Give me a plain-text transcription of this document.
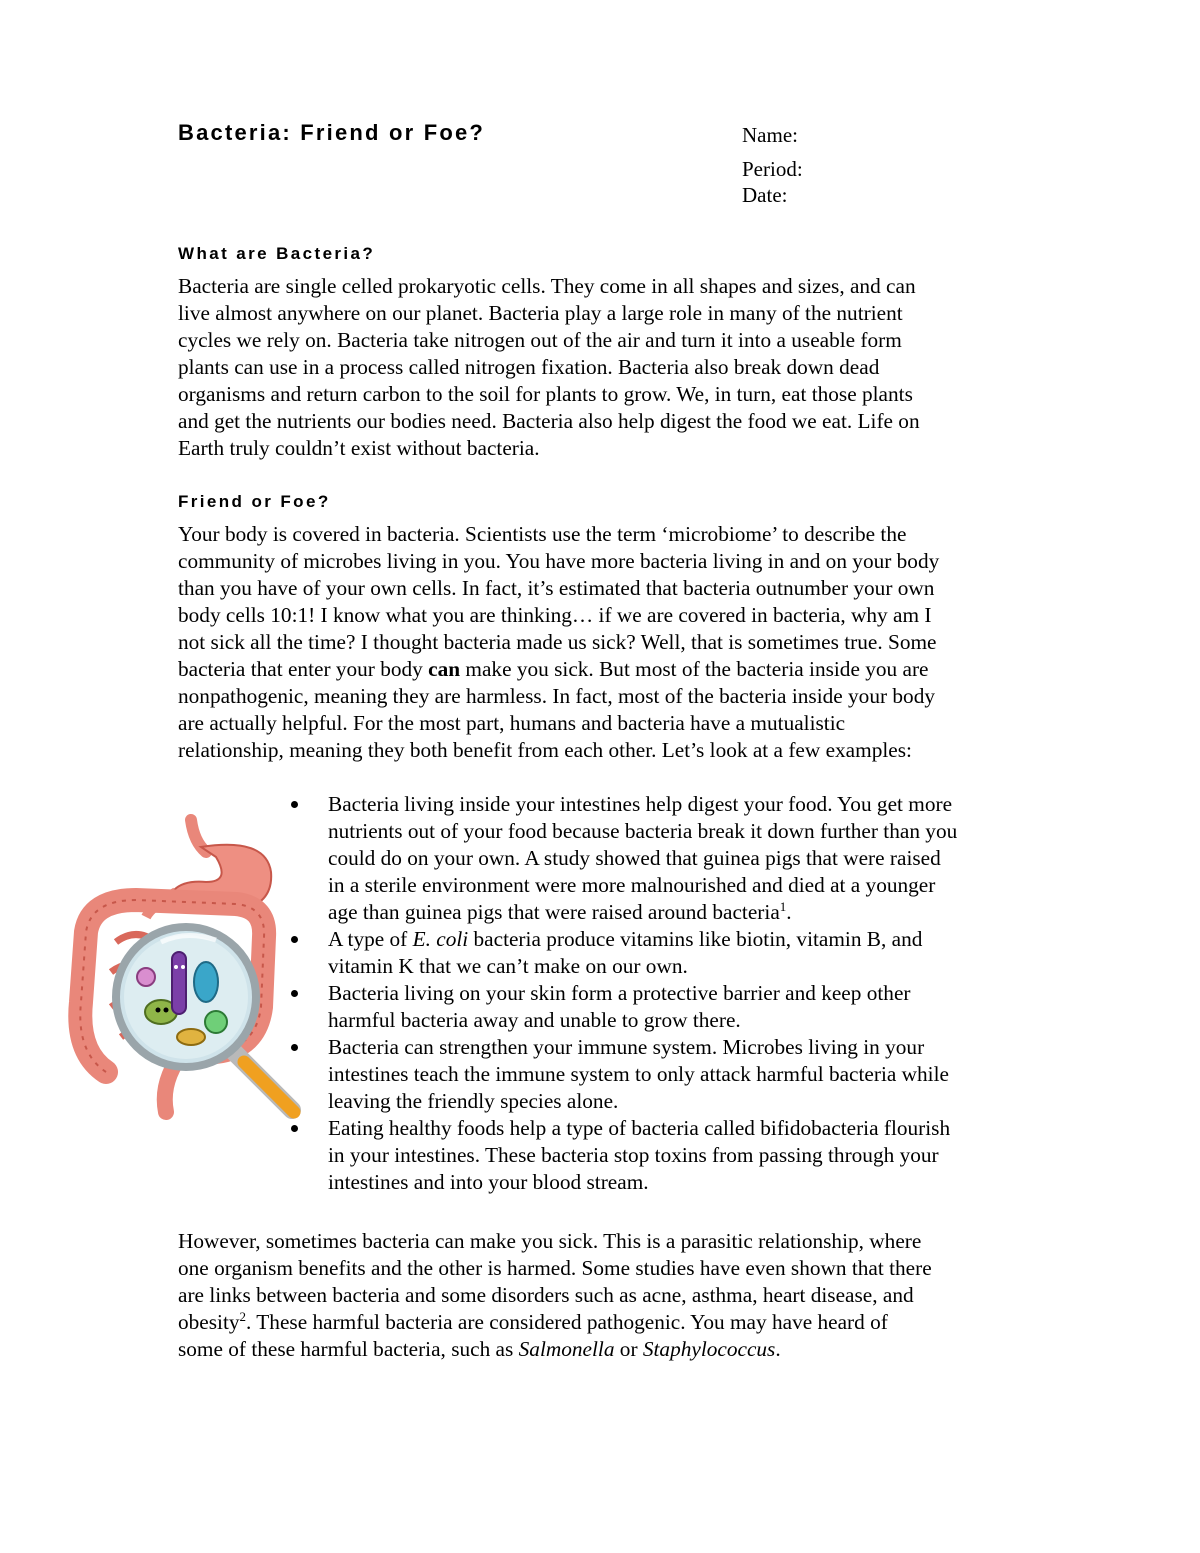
Bacteria: Friend or Foe?	Name:
Period:
Date:
What are Bacteria?

Bacteria are single celled prokaryotic cells. They come in all shapes and sizes, and can
live almost anywhere on our planet. Bacteria play a large role in many of the nutrient
cycles we rely on. Bacteria take nitrogen out of the air and turn it into a useable form
plants can use in a process called nitrogen fixation. Bacteria also break down dead
organisms and return carbon to the soil for plants to grow. We, in turn, eat those plants
and get the nutrients our bodies need. Bacteria also help digest the food we eat. Life on
Earth truly couldn’t exist without bacteria.

Friend or Foe?

Your body is covered in bacteria. Scientists use the term ‘microbiome’ to describe the
community of microbes living in you. You have more bacteria living in and on your body
than you have of your own cells. In fact, it’s estimated that bacteria outnumber your own
body cells 10:1! I know what you are thinking… if we are covered in bacteria, why am I
not sick all the time? I thought bacteria made us sick? Well, that is sometimes true. Some
bacteria that enter your body can make you sick. But most of the bacteria inside you are
nonpathogenic, meaning they are harmless. In fact, most of the bacteria inside your body
are actually helpful. For the most part, humans and bacteria have a mutualistic
relationship, meaning they both benefit from each other. Let’s look at a few examples:

Bacteria living inside your intestines help digest your food. You get more
nutrients out of your food because bacteria break it down further than you
could do on your own. A study showed that guinea pigs that were raised
in a sterile environment were more malnourished and died at a younger
age than guinea pigs that were raised around bacteria$^1$.
A type of E. coli bacteria produce vitamins like biotin, vitamin B, and
vitamin K that we can’t make on our own.
Bacteria living on your skin form a protective barrier and keep other
harmful bacteria away and unable to grow there.
Bacteria can strengthen your immune system. Microbes living in your
intestines teach the immune system to only attack harmful bacteria while
leaving the friendly species alone.
Eating healthy foods help a type of bacteria called bifidobacteria flourish
in your intestines. These bacteria stop toxins from passing through your
intestines and into your blood stream.

However, sometimes bacteria can make you sick. This is a parasitic relationship, where
one organism benefits and the other is harmed. Some studies have even shown that there
are links between bacteria and some disorders such as acne, asthma, heart disease, and
obesity$^2$. These harmful bacteria are considered pathogenic. You may have heard of
some of these harmful bacteria, such as Salmonella or Staphylococcus.
